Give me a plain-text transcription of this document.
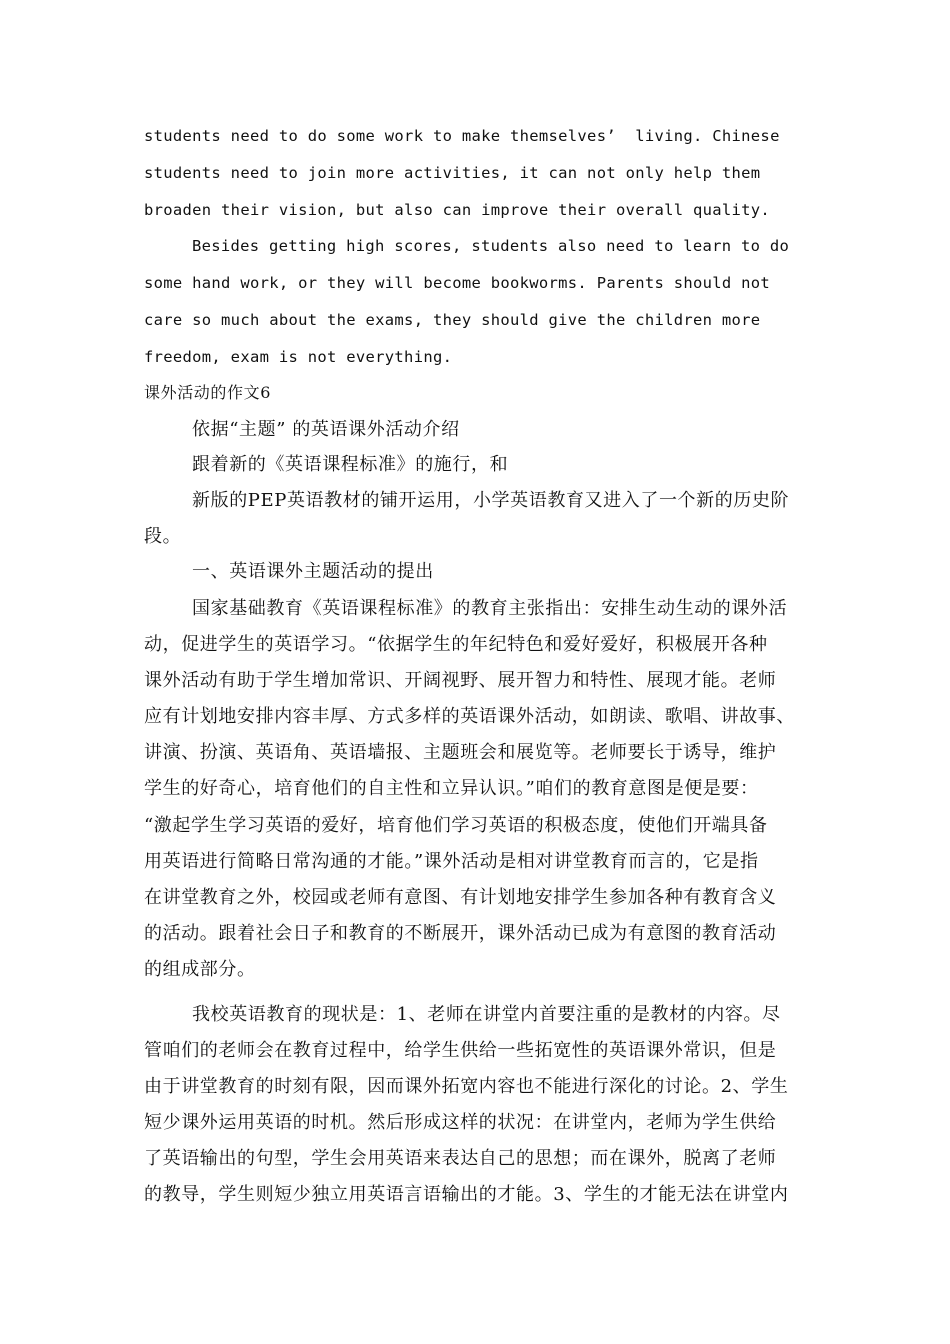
students need to do some work to make themselves’  living. Chinese

students need to join more activities, it can not only help them

broaden their vision, but also can improve their overall quality.

Besides getting high scores, students also need to learn to do

some hand work, or they will become bookworms. Parents should not

care so much about the exams, they should give the children more

freedom, exam is not everything.

课外活动的作文6

依据“主题” 的英语课外活动介绍

跟着新的《英语课程标准》的施行，和

新版的PEP英语教材的铺开运用，小学英语教育又进入了一个新的历史阶

段。

一、英语课外主题活动的提出

国家基础教育《英语课程标准》的教育主张指出：安排生动生动的课外活

动，促进学生的英语学习。“依据学生的年纪特色和爱好爱好，积极展开各种

课外活动有助于学生增加常识、开阔视野、展开智力和特性、展现才能。老师

应有计划地安排内容丰厚、方式多样的英语课外活动，如朗读、歌唱、讲故事、

讲演、扮演、英语角、英语墙报、主题班会和展览等。老师要长于诱导，维护

学生的好奇心，培育他们的自主性和立异认识。”咱们的教育意图是便是要：

“激起学生学习英语的爱好，培育他们学习英语的积极态度，使他们开端具备

用英语进行简略日常沟通的才能。”课外活动是相对讲堂教育而言的，它是指

在讲堂教育之外，校园或老师有意图、有计划地安排学生参加各种有教育含义

的活动。跟着社会日子和教育的不断展开，课外活动已成为有意图的教育活动

的组成部分。

我校英语教育的现状是：1、老师在讲堂内首要注重的是教材的内容。尽

管咱们的老师会在教育过程中，给学生供给一些拓宽性的英语课外常识，但是

由于讲堂教育的时刻有限，因而课外拓宽内容也不能进行深化的讨论。2、学生

短少课外运用英语的时机。然后形成这样的状况：在讲堂内，老师为学生供给

了英语输出的句型，学生会用英语来表达自己的思想；而在课外，脱离了老师

的教导，学生则短少独立用英语言语输出的才能。3、学生的才能无法在讲堂内
